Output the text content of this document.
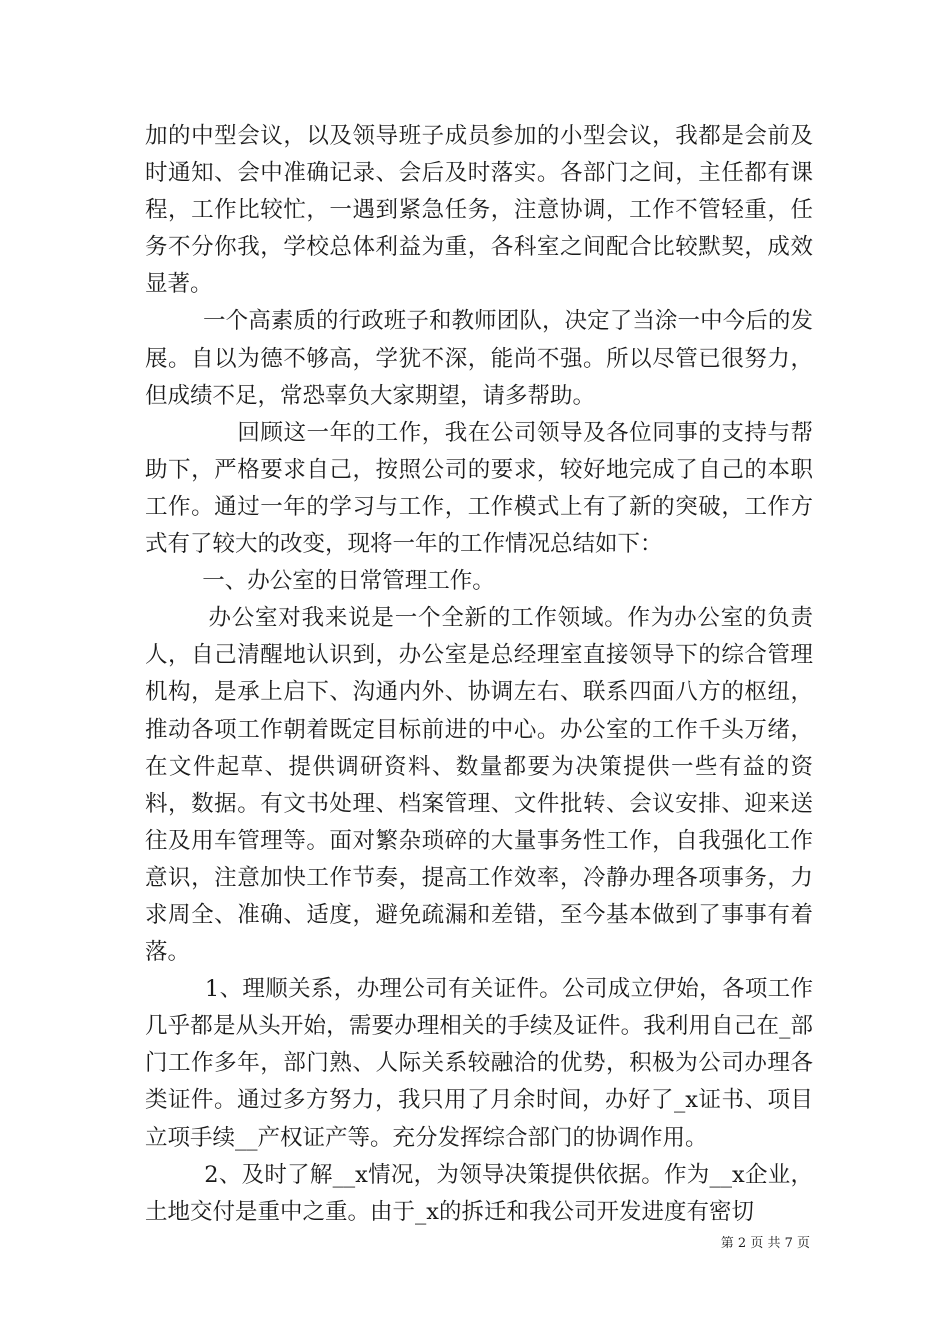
加的中型会议，以及领导班子成员参加的小型会议，我都是会前及时通知、会中准确记录、会后及时落实。各部门之间，主任都有课程，工作比较忙，一遇到紧急任务，注意协调，工作不管轻重，任务不分你我，学校总体利益为重，各科室之间配合比较默契，成效显著。

一个高素质的行政班子和教师团队，决定了当涂一中今后的发展。自以为德不够高，学犹不深，能尚不强。所以尽管已很努力，但成绩不足，常恐辜负大家期望，请多帮助。

回顾这一年的工作，我在公司领导及各位同事的支持与帮助下，严格要求自己，按照公司的要求，较好地完成了自己的本职工作。通过一年的学习与工作，工作模式上有了新的突破，工作方式有了较大的改变，现将一年的工作情况总结如下：

一、办公室的日常管理工作。

办公室对我来说是一个全新的工作领域。作为办公室的负责人，自己清醒地认识到，办公室是总经理室直接领导下的综合管理机构，是承上启下、沟通内外、协调左右、联系四面八方的枢纽，推动各项工作朝着既定目标前进的中心。办公室的工作千头万绪，在文件起草、提供调研资料、数量都要为决策提供一些有益的资料，数据。有文书处理、档案管理、文件批转、会议安排、迎来送往及用车管理等。面对繁杂琐碎的大量事务性工作，自我强化工作意识，注意加快工作节奏，提高工作效率，冷静办理各项事务，力求周全、准确、适度，避免疏漏和差错，至今基本做到了事事有着落。

1、理顺关系，办理公司有关证件。公司成立伊始，各项工作几乎都是从头开始，需要办理相关的手续及证件。我利用自己在_部门工作多年，部门熟、人际关系较融洽的优势，积极为公司办理各类证件。通过多方努力，我只用了月余时间，办好了_x证书、项目立项手续__产权证产等。充分发挥综合部门的协调作用。

2、及时了解__x情况，为领导决策提供依据。作为__x企业，土地交付是重中之重。由于_x的拆迁和我公司开发进度有密切

第 2 页 共 7 页
